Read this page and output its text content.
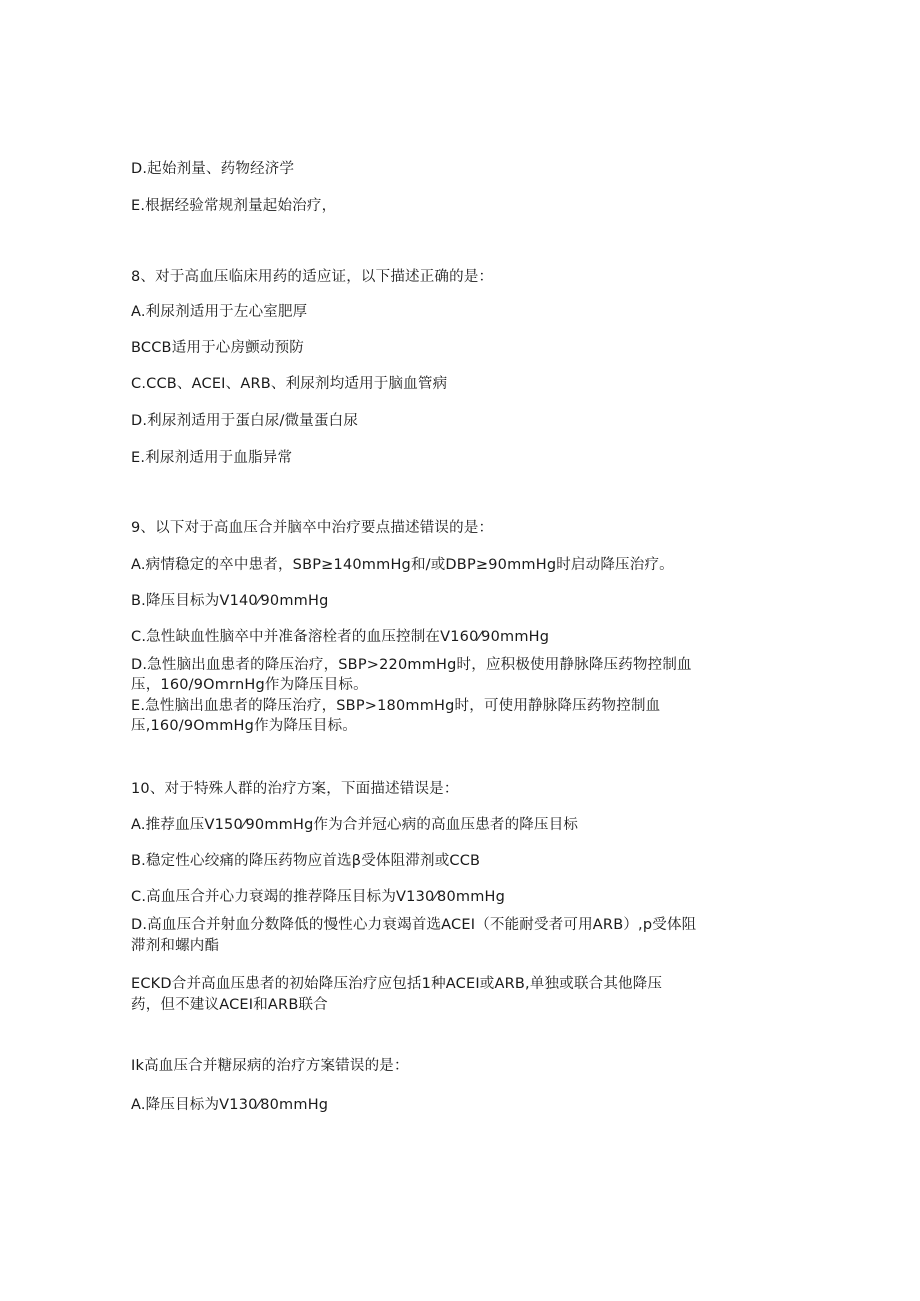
D.起始剂量、药物经济学
E.根据经验常规剂量起始治疗，
8、对于高血压临床用药的适应证，以下描述正确的是：
A.利尿剂适用于左心室肥厚
BCCB适用于心房颤动预防
C.CCB、ACEI、ARB、利尿剂均适用于脑血管病
D.利尿剂适用于蛋白尿/微量蛋白尿
E.利尿剂适用于血脂异常
9、以下对于高血压合并脑卒中治疗要点描述错误的是：
A.病情稳定的卒中患者，SBP≥140mmHg和/或DBP≥90mmHg时启动降压治疗。
B.降压目标为V140⁄90mmHg
C.急性缺血性脑卒中并准备溶栓者的血压控制在V160⁄90mmHg
D.急性脑出血患者的降压治疗，SBP>220mmHg时，应积极使用静脉降压药物控制血
压，160/9OmrnHg作为降压目标。
E.急性脑出血患者的降压治疗，SBP>180mmHg时，可使用静脉降压药物控制血
压,160/9OmmHg作为降压目标。
10、对于特殊人群的治疗方案，下面描述错误是：
A.推荐血压V150⁄90mmHg作为合并冠心病的高血压患者的降压目标
B.稳定性心绞痛的降压药物应首选β受体阻滞剂或CCB
C.高血压合并心力衰竭的推荐降压目标为V130⁄80mmHg
D.高血压合并射血分数降低的慢性心力衰竭首选ACEI（不能耐受者可用ARB）,p受体阻
滞剂和螺内酯
ECKD合并高血压患者的初始降压治疗应包括1种ACEI或ARB,单独或联合其他降压
药，但不建议ACEI和ARB联合
Ik高血压合并糖尿病的治疗方案错误的是：
A.降压目标为V130⁄80mmHg
